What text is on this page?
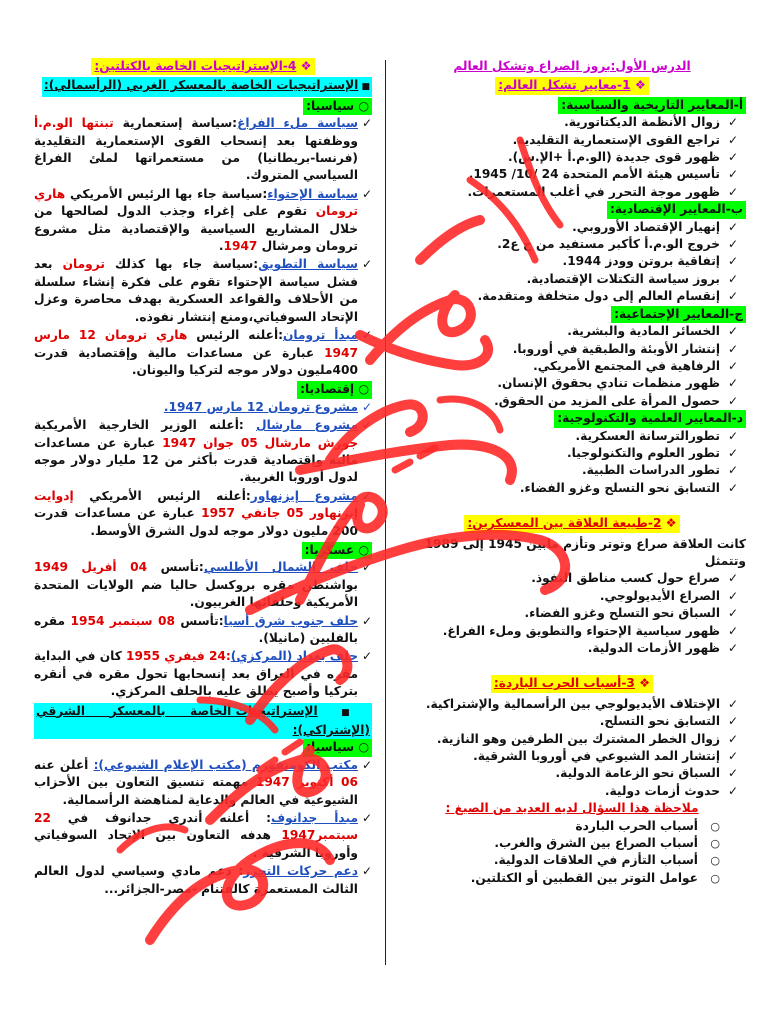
الدرس الأول:بروز الصراع وتشكل العالم
❖ 1-معايير تشكل العالم:
أ-المعايير التاريخية والسياسية:
✓ زوال الأنظمة الديكتاتورية.
✓ تراجع القوى الإستعمارية التقليدية.
✓ ظهور قوى جديدة (الو.م.أ +الإ.س).
✓ تأسيس هيئة الأمم المتحدة 24 /10/ 1945.
✓ ظهور موجة التحرر في أغلب المستعمرات.
ب-المعايير الإقتصادية:
✓ إنهيار الإقتصاد الأوروبي.
✓ خروج الو.م.أ كأكبر مستفيد من ح ع2.
✓ إتفاقية بروتن وودز 1944.
✓ بروز سياسة التكتلات الإقتصادية.
✓ إنقسام العالم إلى دول متخلفة ومتقدمة.
ج-المعايير الإجتماعية:
✓ الخسائر المادية والبشرية.
✓ إنتشار الأوبئة والطبقية في أوروبا.
✓ الرفاهية في المجتمع الأمريكي.
✓ ظهور منظمات تنادي بحقوق الإنسان.
✓ حصول المرأة على المزيد من الحقوق.
د-المعايير العلمية والتكنولوجية:
✓ تطورالترسانة العسكرية.
✓ تطور العلوم والتكنولوجيا.
✓ تطور الدراسات الطبية.
✓ التسابق نحو التسلح وغزو الفضاء.
❖ 2-طبيعة العلاقة بين المعسكرين:
كانت العلاقة صراع وتوتر وتأزم مابين 1945 إلى 1989 وتتمثل
✓ صراع حول كسب مناطق النفوذ.
✓ الصراع الأيديولوجي.
✓ السباق نحو التسلح وغزو الفضاء.
✓ ظهور سياسية الإحتواء والتطويق وملء الفراغ.
✓ ظهور الأزمات الدولية.
❖ 3-أسباب الحرب الباردة:
✓ الإختلاف الأيديولوجي بين الرأسمالية والإشتراكية.
✓ التسابق نحو التسلح.
✓ زوال الخطر المشترك بين الطرفين وهو النازية.
✓ إنتشار المد الشيوعي في أوروبا الشرقية.
✓ السباق نحو الزعامة الدولية.
✓ حدوث أزمات دولية.
ملاحظة هذا السؤال لديه العديد من الصيغ :
○ أسباب الحرب الباردة
○ أسباب الصراع بين الشرق والغرب.
○ أسباب التأزم في العلاقات الدولية.
○ عوامل التوتر بين القطبين أو الكتلتين.
❖ 4-الإستراتيجيات الخاصة بالكتلتين:
■ الإستراتيجيات الخاصة بالمعسكر الغربي (الرأسمالي):
○ سياسيا:
✓
سياسة ملء الفراغ:سياسة إستعمارية تبنتها الو.م.أ ووظفتها بعد إنسحاب القوى الإستعمارية التقليدية (فرنسا-بريطانيا) من مستعمراتها لملئ الفراغ السياسي المتروك.
✓
سياسة الإحتواء:سياسة جاء بها الرئيس الأمريكي هاري ترومان تقوم على إغراء وجذب الدول لصالحها من خلال المشاريع السياسية والإقتصادية مثل مشروع ترومان ومرشال 1947.
✓
سياسة التطويق:سياسة جاء بها كذلك ترومان بعد فشل سياسة الإحتواء تقوم على فكرة إنشاء سلسلة من الأحلاف والقواعد العسكرية بهدف محاصرة وعزل الإتحاد السوفياتي،ومنع إنتشار نفوذه.
✓
مبدأ ترومان:أعلنه الرئيس هاري ترومان 12 مارس 1947 عبارة عن مساعدات مالية وإقتصادية قدرت 400مليون دولار موجه لتركيا واليونان.
○ إقتصاديا:
✓
مشروع ترومان 12 مارس 1947.
✓
مشروع مارشال :أعلنه الوزير الخارجية الأمريكية جورش مارشال 05 جوان 1947 عبارة عن مساعدات مالية وإقتصادية قدرت بأكثر من 12 مليار دولار موجه لدول أوروبا الغربية.
✓
مشروع إيزنهاور:أعلنه الرئيس الأمريكي إدوايت إيزنهاور 05 جانفي 1957 عبارة عن مساعدات قدرت 200 مليون دولار موجه لدول الشرق الأوسط.
○ عسكريا:
✓
حلف الشمال الأطلسي:تأسس 04 أفريل 1949 بواشنطن مقره بروكسل حاليا ضم الولايات المتحدة الأمريكية وحلفائها الغربيون.
✓
حلف جنوب شرق أسيا:تأسس 08 سبتمبر 1954 مقره بالفلبين (مانيلا).
✓
حلف بغداد (المركزي):24 فيفري 1955 كان في البداية مقره في العراق بعد إنسحابها تحول مقره في أنقره بتركيا وأصبح يطلق عليه بالحلف المركزي.
■ الإستراتيجيات الخاصة بالمعسكر الشرقي (الإشتراكي):
○ سياسيا:
✓
مكتب الكومنفورم (مكتب الإعلام الشيوعي): أعلن عنه 06 أكتوبر 1947 مهمته تنسيق التعاون بين الأحزاب الشيوعية في العالم والدعاية لمناهضة الرأسمالية.
✓
مبدأ جدانوف: أعلنه أندري جدانوف في 22 سبتمبر1947 هدفه التعاون بين الإتحاد السوفياتي وأوروبا الشرقية .
✓
دعم حركات التحرر: دعم مادي وسياسي لدول العالم الثالث المستعمرة كالفتنام -مصر-الجزائر...
